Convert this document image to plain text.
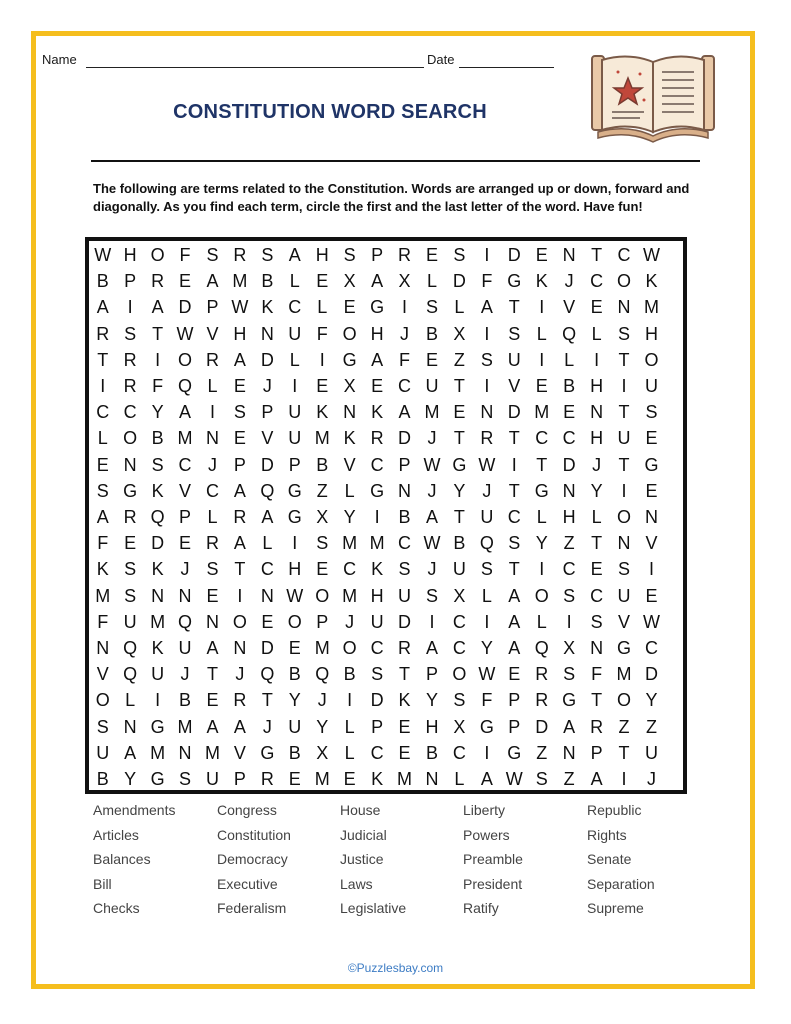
Name	Date
CONSTITUTION WORD SEARCH
The following are terms related to the Constitution. Words are arranged up or down, forward and diagonally. As you find each term, circle the first and the last letter of the word. Have fun!
W H O F S R S A H S P R E S	I	D E N T C W
B P R E A M B L E X A X L D F G K J C O K
A	I	A D P W K C L E G I	S L A T	I	V E N M
R S T W V H N U F O H J B X	I	S L Q L S H
T R	I O R A D L	I G A F E Z S U	I	L	I	T O
I	R F Q L E J	I	E X E C U T	I	V E B H	I	U
C C Y A	I	S P U K N K A M E N D M E N T S
L O B M N E V U M K R D J T R T C C H U E
E N S C J P D P B V C P W G W I	T D J T G
S G K V C A Q G Z L G N J Y J T G N Y	I	E
A R Q P L R A G X Y	I	B A T U C L H L O N
F E D E R A L	I	S M M C W B Q S Y Z T N V
K S K J S T C H E C K S J U S T	I	C E S	I
M S N N E	I	N W O M H U S X L A O S C U E
F U M Q N O E O P J U D	I	C	I	A L	I	S V W
N Q K U A N D E M O C R A C Y A Q X N G C
V Q U J T J Q B Q B S T P O W E R S F M D
O L	I	B E R T Y J	I	D K Y S F P R G T O Y
S N G M A A J U Y L P E H X G P D A R Z Z
U A M N M V G B X L C E B C	I G Z N P T U
B Y G S U P R E M E K M N L A W S Z A	I	J
Amendments
Articles
Balances
Bill
Checks
Congress
Constitution
Democracy
Executive
Federalism
House
Judicial
Justice
Laws
Legislative
Liberty
Powers
Preamble
President
Ratify
Republic
Rights
Senate
Separation
Supreme
©Puzzlesbay.com
